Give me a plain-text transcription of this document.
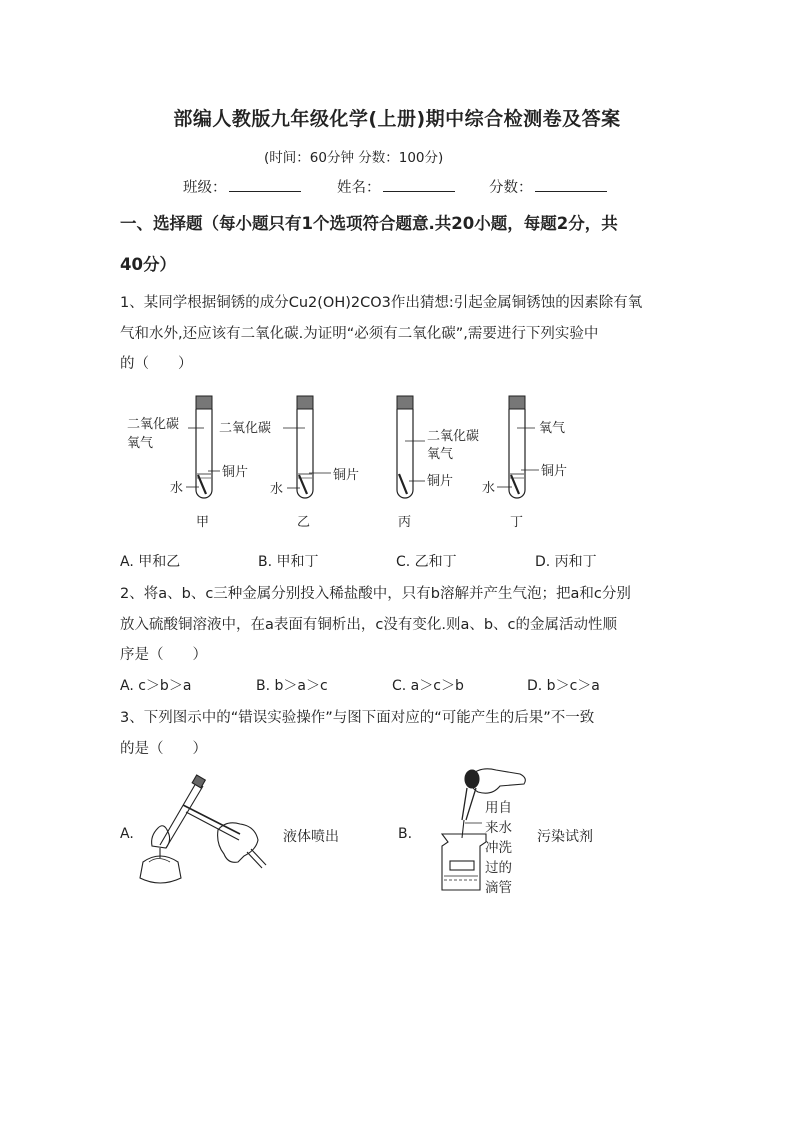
部编人教版九年级化学(上册)期中综合检测卷及答案
(时间：60分钟 分数：100分)
班级：	姓名：	分数：
一、选择题（每小题只有1个选项符合题意.共20小题，每题2分，共
40分）
1、某同学根据铜锈的成分Cu2(OH)2CO3作出猜想:引起金属铜锈蚀的因素除有氧
气和水外,还应该有二氧化碳.为证明“必须有二氧化碳”,需要进行下列实验中
的（　　）
二氧化碳
氧气
铜片
水
甲
二氧化碳
铜片
水
乙
二氧化碳
氧气
铜片
丙
氧气
铜片
水
丁
A. 甲和乙	B. 甲和丁	C. 乙和丁	D. 丙和丁
2、将a、b、c三种金属分别投入稀盐酸中，只有b溶解并产生气泡；把a和c分别
放入硫酸铜溶液中，在a表面有铜析出，c没有变化.则a、b、c的金属活动性顺
序是（　　）
A. c＞b＞a	B. b＞a＞c	C. a＞c＞b	D. b＞c＞a
3、下列图示中的“错误实验操作”与图下面对应的“可能产生的后果”不一致
的是（　　）
A.	液体喷出	B.	污染试剂
用自
来水
冲洗
过的
滴管
